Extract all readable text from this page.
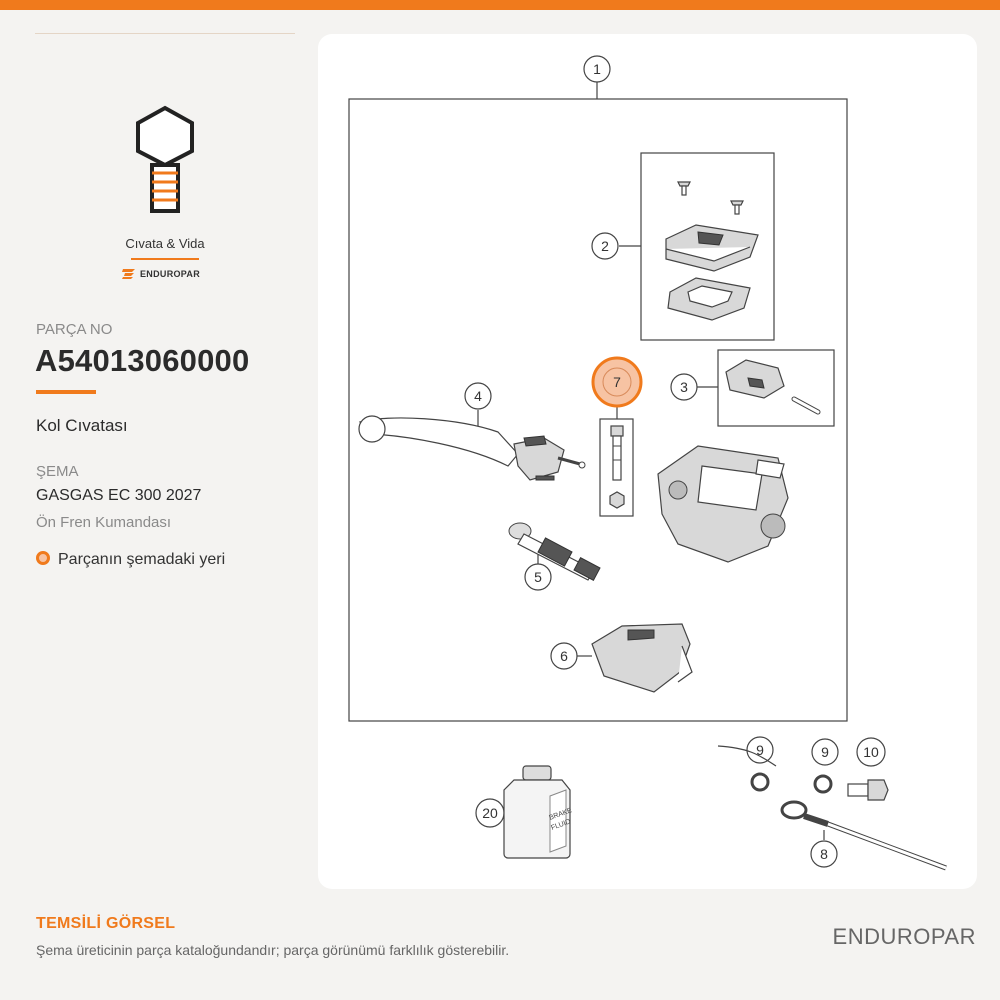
Cıvata & Vida
ENDUROPAR
PARÇA NO
A54013060000
Kol Cıvatası
ŞEMA
GASGAS EC 300 2027
Ön Fren Kumandası
Parçanın şemadaki yeri
1
2
3
7
4
5
6
9	9 10
8
20	BRAKE
FLUID
TEMSİLİ GÖRSEL
Şema üreticinin parça kataloğundandır; parça görünümü farklılık gösterebilir.
ENDUROPAR
